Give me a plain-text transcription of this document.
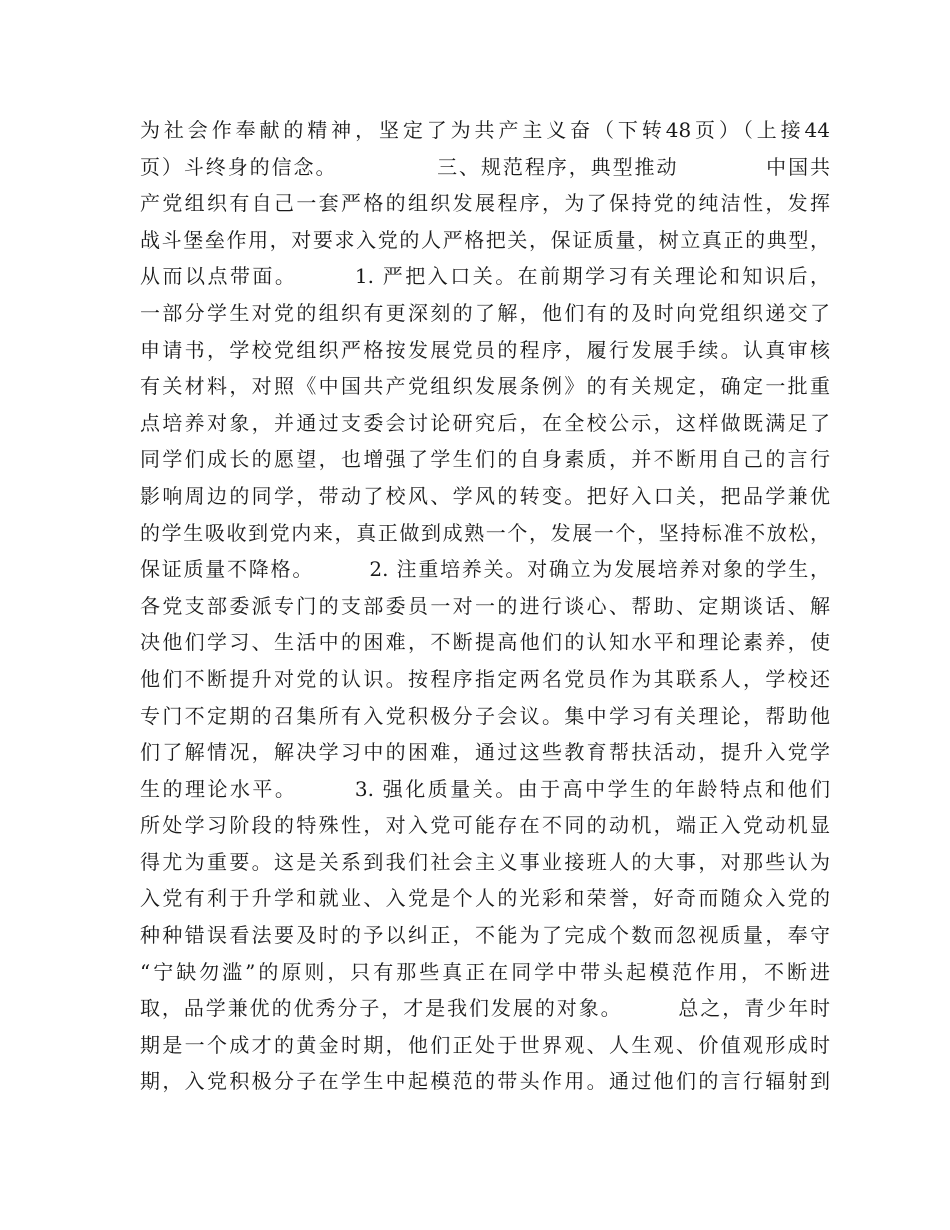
为社会作奉献的精神，坚定了为共产主义奋（下转48页）（上接44
页）斗终身的信念。　　　　　三、规范程序，典型推动　　　　中国共
产党组织有自己一套严格的组织发展程序，为了保持党的纯洁性，发挥
战斗堡垒作用，对要求入党的人严格把关，保证质量，树立真正的典型，
从而以点带面。　　　1. 严把入口关。在前期学习有关理论和知识后，
一部分学生对党的组织有更深刻的了解，他们有的及时向党组织递交了
申请书，学校党组织严格按发展党员的程序，履行发展手续。认真审核
有关材料，对照《中国共产党组织发展条例》的有关规定，确定一批重
点培养对象，并通过支委会讨论研究后，在全校公示，这样做既满足了
同学们成长的愿望，也增强了学生们的自身素质，并不断用自己的言行
影响周边的同学，带动了校风、学风的转变。把好入口关，把品学兼优
的学生吸收到党内来，真正做到成熟一个，发展一个，坚持标准不放松，
保证质量不降格。　　　2. 注重培养关。对确立为发展培养对象的学生，
各党支部委派专门的支部委员一对一的进行谈心、帮助、定期谈话、解
决他们学习、生活中的困难，不断提高他们的认知水平和理论素养，使
他们不断提升对党的认识。按程序指定两名党员作为其联系人，学校还
专门不定期的召集所有入党积极分子会议。集中学习有关理论，帮助他
们了解情况，解决学习中的困难，通过这些教育帮扶活动，提升入党学
生的理论水平。　　　3. 强化质量关。由于高中学生的年龄特点和他们
所处学习阶段的特殊性，对入党可能存在不同的动机，端正入党动机显
得尤为重要。这是关系到我们社会主义事业接班人的大事，对那些认为
入党有利于升学和就业、入党是个人的光彩和荣誉，好奇而随众入党的
种种错误看法要及时的予以纠正，不能为了完成个数而忽视质量，奉守
“宁缺勿滥”的原则，只有那些真正在同学中带头起模范作用，不断进
取，品学兼优的优秀分子，才是我们发展的对象。　　　总之，青少年时
期是一个成才的黄金时期，他们正处于世界观、人生观、价值观形成时
期，入党积极分子在学生中起模范的带头作用。通过他们的言行辐射到
